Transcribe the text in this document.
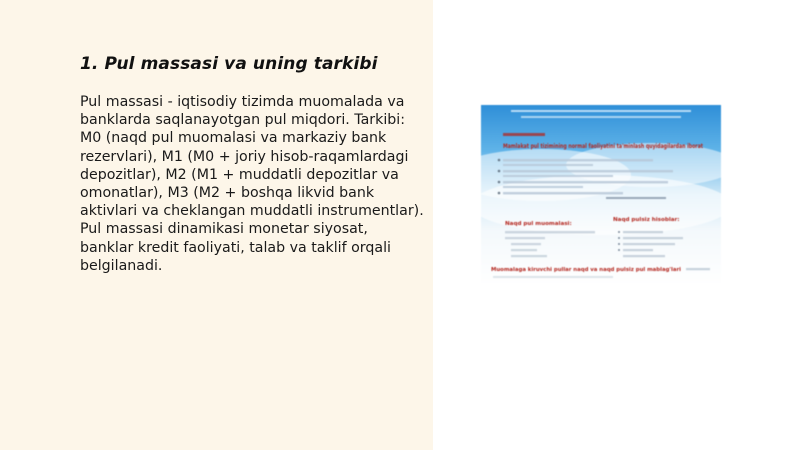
1. Pul massasi va uning tarkibi

Pul massasi - iqtisodiy tizimda muomalada va banklarda saqlanayotgan pul miqdori. Tarkibi: M0 (naqd pul muomalasi va markaziy bank rezervlari), M1 (M0 + joriy hisob-raqamlardagi depozitlar), M2 (M1 + muddatli depozitlar va omonatlar), M3 (M2 + boshqa likvid bank aktivlari va cheklangan muddatli instrumentlar). Pul massasi dinamikasi monetar siyosat, banklar kredit faoliyati, talab va taklif orqali belgilanadi.

Mamlakat pul tizimining normal faoliyatini ta'minlash quyidagilardan iborat
Naqd pul muomalasi:
Naqd pulsiz hisoblar:
Muomalaga kiruvchi pullar naqd va naqd pulsiz pul mablag'lari
